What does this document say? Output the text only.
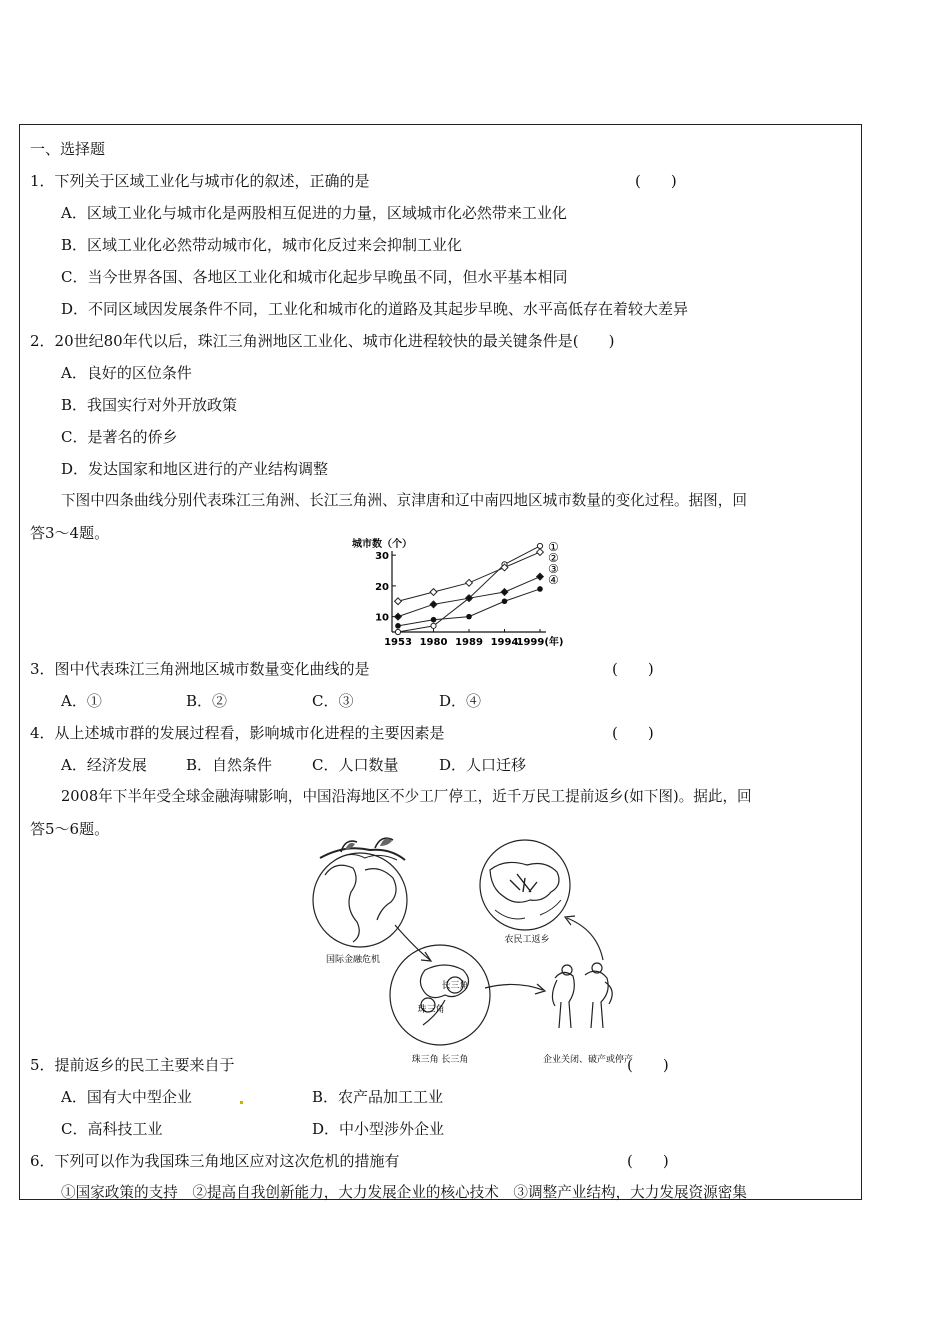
一、选择题
1．下列关于区域工业化与城市化的叙述，正确的是	(　　)
A．区域工业化与城市化是两股相互促进的力量，区域城市化必然带来工业化
B．区域工业化必然带动城市化，城市化反过来会抑制工业化
C．当今世界各国、各地区工业化和城市化起步早晚虽不同，但水平基本相同
D．不同区域因发展条件不同，工业化和城市化的道路及其起步早晚、水平高低存在着较大差异
2．20世纪80年代以后，珠江三角洲地区工业化、城市化进程较快的最关键条件是(　　)
A．良好的区位条件
B．我国实行对外开放政策
C．是著名的侨乡
D．发达国家和地区进行的产业结构调整
下图中四条曲线分别代表珠江三角洲、长江三角洲、京津唐和辽中南四地区城市数量的变化过程。据图，回
答3～4题。
城市数（个）
10
20
30
1953 1980 1989 1994
1999(年)
①
②
③
④
3．图中代表珠江三角洲地区城市数量变化曲线的是	(　　)
A．①	B．②	C．③	D．④
4．从上述城市群的发展过程看，影响城市化进程的主要因素是	(　　)
A．经济发展	B．自然条件	C．人口数量	D．人口迁移
2008年下半年受全球金融海啸影响，中国沿海地区不少工厂停工，近千万民工提前返乡(如下图)。据此，回
答5～6题。
国际金融危机
农民工返乡
长三角
珠三角
珠三角 长三角	企业关闭、破产或停产
5．提前返乡的民工主要来自于	(　　)
A．国有大中型企业	B．农产品加工工业
C．高科技工业	D．中小型涉外企业
6．下列可以作为我国珠三角地区应对这次危机的措施有	(　　)
①国家政策的支持　②提高自我创新能力，大力发展企业的核心技术　③调整产业结构，大力发展资源密集
